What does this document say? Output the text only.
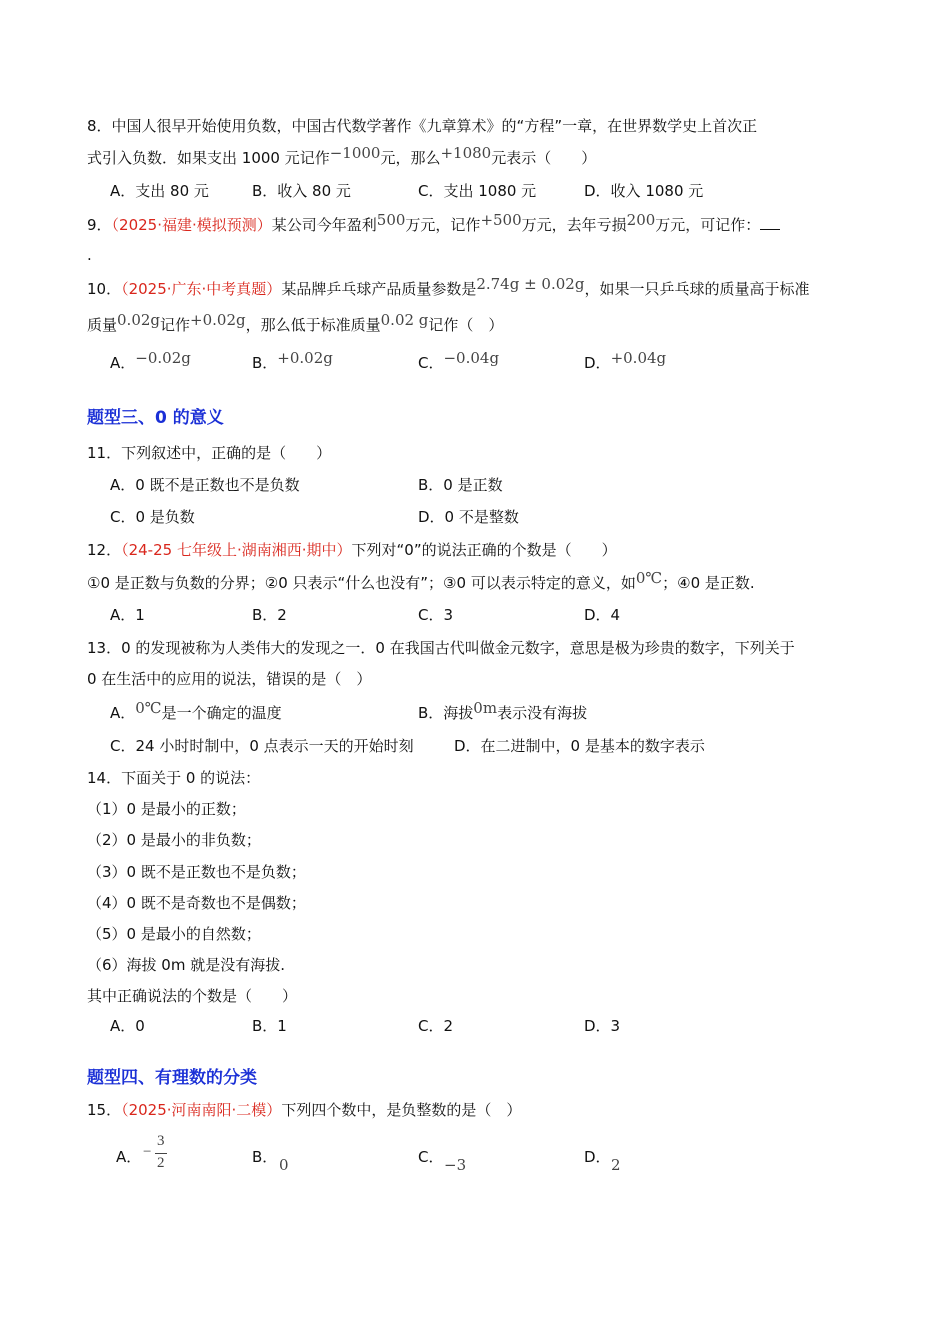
8．中国人很早开始使用负数，中国古代数学著作《九章算术》的“方程”一章，在世界数学史上首次正
式引入负数．如果支出 1000 元记作−1000元，那么+1080元表示（　　）
A．支出 80 元	B．收入 80 元	C．支出 1080 元	D．收入 1080 元
9．（2025·福建·模拟预测）某公司今年盈利500万元，记作+500万元，去年亏损200万元，可记作：
.
10．（2025·广东·中考真题）某品牌乒乓球产品质量参数是2.74g ± 0.02g，如果一只乒乓球的质量高于标准
质量0.02g记作+0.02g，那么低于标准质量0.02 g记作（　）
A．−0.02g	B．+0.02g	C．−0.04g	D．+0.04g
题型三、0 的意义
11．下列叙述中，正确的是（　　）
A．0 既不是正数也不是负数	B．0 是正数
C．0 是负数	D．0 不是整数
12．（24-25 七年级上·湖南湘西·期中）下列对“0”的说法正确的个数是（　　）
①0 是正数与负数的分界；②0 只表示“什么也没有”；③0 可以表示特定的意义，如0℃；④0 是正数.
A．1	B．2	C．3	D．4
13．0 的发现被称为人类伟大的发现之一．0 在我国古代叫做金元数字，意思是极为珍贵的数字，下列关于
0 在生活中的应用的说法，错误的是（　）
A．0℃是一个确定的温度	B．海拔0m表示没有海拔
C．24 小时时制中，0 点表示一天的开始时刻	D．在二进制中，0 是基本的数字表示
14．下面关于 0 的说法：
（1）0 是最小的正数；
（2）0 是最小的非负数；
（3）0 既不是正数也不是负数；
（4）0 既不是奇数也不是偶数；
（5）0 是最小的自然数；
（6）海拔 0m 就是没有海拔.
其中正确说法的个数是（　　）
A．0	B．1	C．2	D．3
题型四、有理数的分类
15．（2025·河南南阳·二模）下列四个数中，是负整数的是（　）
A． −
3
2	B． 0	C． −3	D． 2
